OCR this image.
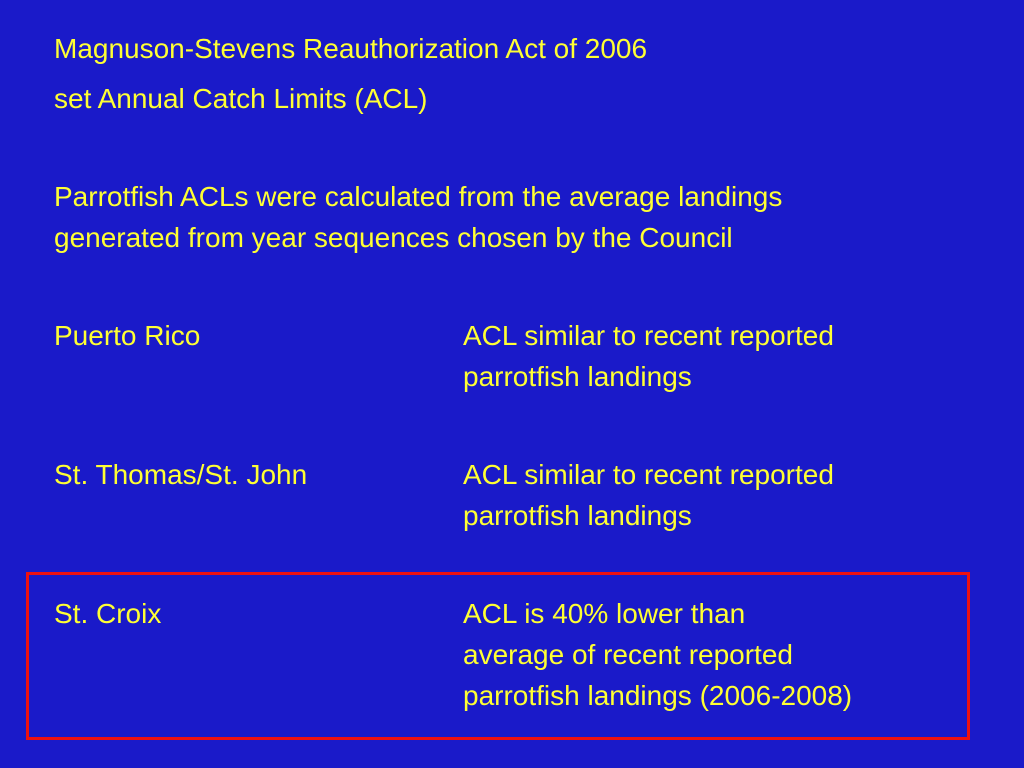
Magnuson-Stevens Reauthorization Act of 2006

set Annual Catch Limits (ACL)

Parrotfish ACLs were calculated from the average landings

generated from year sequences chosen by the Council

Puerto Rico	ACL similar to recent reported

parrotfish landings

St. Thomas/St. John	ACL similar to recent reported

parrotfish landings

St. Croix	ACL is 40% lower than

average of recent reported

parrotfish landings (2006-2008)
